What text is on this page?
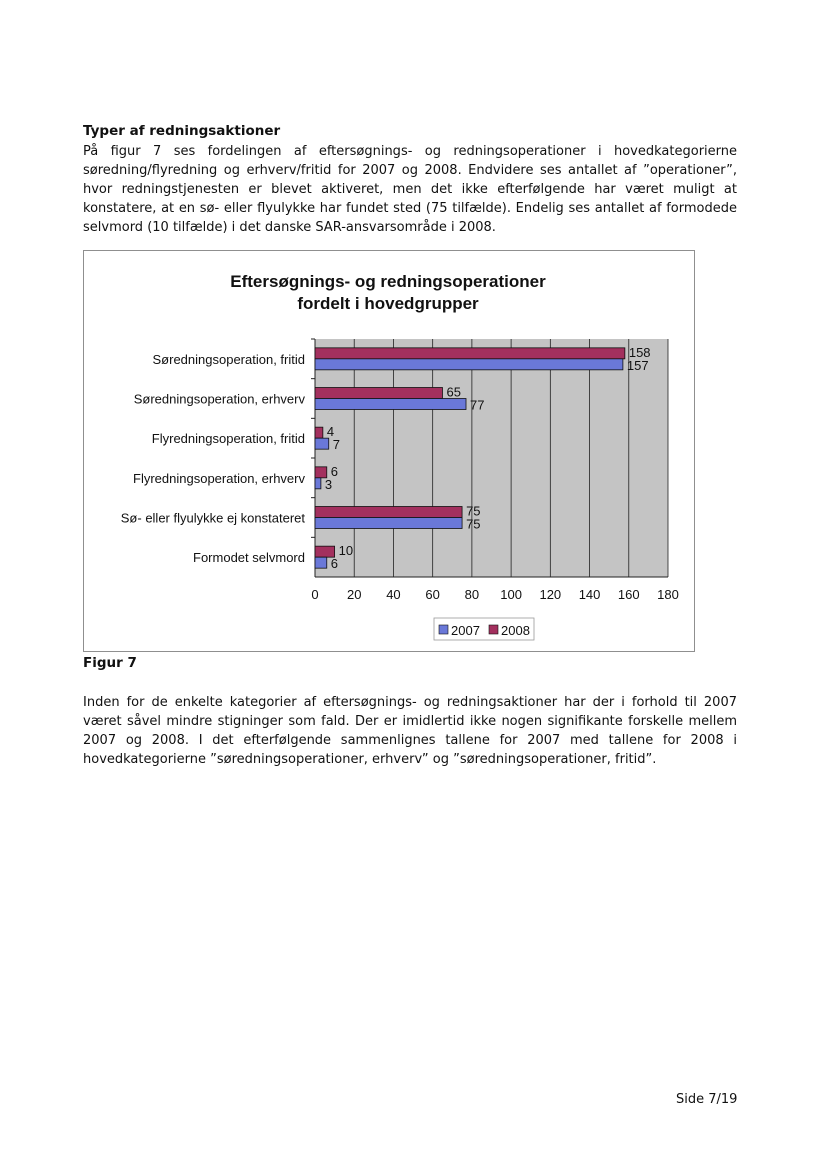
Typer af redningsaktioner
På figur 7 ses fordelingen af eftersøgnings- og redningsoperationer i hovedkategorierne søredning/flyredning og erhverv/fritid for 2007 og 2008. Endvidere ses antallet af ”operationer”, hvor redningstjenesten er blevet aktiveret, men det ikke efterfølgende har været muligt at konstatere, at en sø- eller flyulykke har fundet sted (75 tilfælde). Endelig ses antallet af formodede selvmord (10 tilfælde) i det danske SAR-ansvarsområde i 2008.
Eftersøgnings- og redningsoperationer
fordelt i hovedgrupper
158
157
65
77
4
7
6
3
75
75
10
6
Søredningsoperation, fritid
Søredningsoperation, erhverv
Flyredningsoperation, fritid
Flyredningsoperation, erhverv
Sø- eller flyulykke ej konstateret
Formodet selvmord
0 20 40 60 80 100 120 140 160 180
2007 2008
Figur 7
Inden for de enkelte kategorier af eftersøgnings- og redningsaktioner har der i forhold til 2007 været såvel mindre stigninger som fald. Der er imidlertid ikke nogen signifikante forskelle mellem 2007 og 2008. I det efterfølgende sammenlignes tallene for 2007 med tallene for 2008 i hovedkategorierne ”søredningsoperationer, erhverv” og ”søredningsoperationer, fritid”.
Side 7/19
